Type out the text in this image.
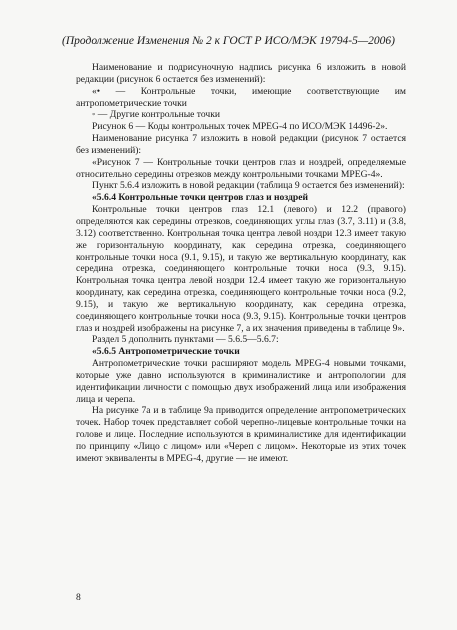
(Продолжение Изменения № 2 к ГОСТ Р ИСО/МЭК 19794-5—2006)

Наименование и подрисуночную надпись рисунка 6 изложить в новой редакции (рисунок 6 остается без изменений):

«• — Контрольные точки, имеющие соответствующие им антропометрические точки

◦ — Другие контрольные точки

Рисунок 6 — Коды контрольных точек MPEG-4 по ИСО/МЭК 14496-2».

Наименование рисунка 7 изложить в новой редакции (рисунок 7 остается без изменений):

«Рисунок 7 — Контрольные точки центров глаз и ноздрей, определяемые относительно середины отрезков между контрольными точками MPEG-4».

Пункт 5.6.4 изложить в новой редакции (таблица 9 остается без изменений):

«5.6.4 Контрольные точки центров глаз и ноздрей

Контрольные точки центров глаз 12.1 (левого) и 12.2 (правого) определяются как середины отрезков, соединяющих углы глаз (3.7, 3.11) и (3.8, 3.12) соответственно. Контрольная точка центра левой ноздри 12.3 имеет такую же горизонтальную координату, как середина отрезка, соединяющего контрольные точки носа (9.1, 9.15), и такую же вертикальную координату, как середина отрезка, соединяющего контрольные точки носа (9.3, 9.15). Контрольная точка центра левой ноздри 12.4 имеет такую же горизонтальную координату, как середина отрезка, соединяющего контрольные точки носа (9.2, 9.15), и такую же вертикальную координату, как середина отрезка, соединяющего контрольные точки носа (9.3, 9.15). Контрольные точки центров глаз и ноздрей изображены на рисунке 7, а их значения приведены в таблице 9».

Раздел 5 дополнить пунктами — 5.6.5—5.6.7:

«5.6.5 Антропометрические точки

Антропометрические точки расширяют модель MPEG-4 новыми точками, которые уже давно используются в криминалистике и антропологии для идентификации личности с помощью двух изображений лица или изображения лица и черепа.

На рисунке 7а и в таблице 9а приводится определение антропометрических точек. Набор точек представляет собой черепно-лицевые контрольные точки на голове и лице. Последние используются в криминалистике для идентификации по принципу «Лицо с лицом» или «Череп с лицом». Некоторые из этих точек имеют эквиваленты в MPEG-4, другие — не имеют.

8
